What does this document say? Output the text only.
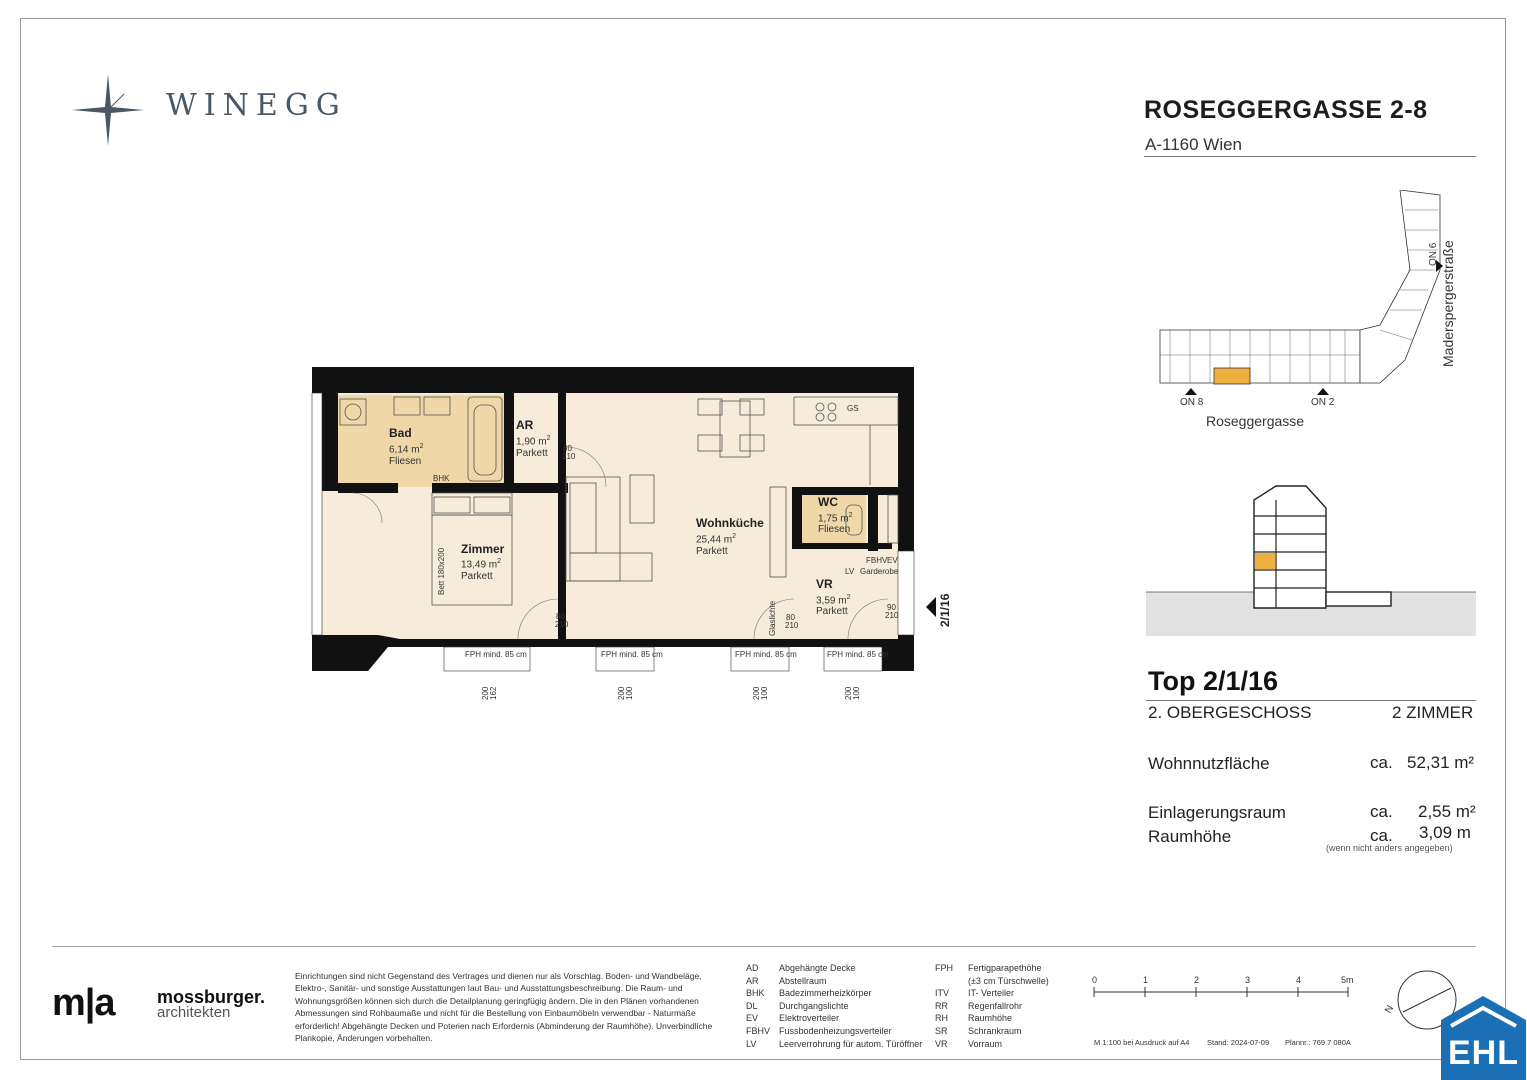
WINEGG	ROSEGGERGASSE 2-8
A-1160 Wien
ON 8	ON 2
ON 6
Roseggergasse
Maderspergerstraße
Top 2/1/16
2. OBERGESCHOSS	2 ZIMMER
Wohnnutzfläche	ca. 52,31 m²
Einlagerungsraum	ca. 2,55 m²
Raumhöhe	ca. 3,09 m
(wenn nicht anders angegeben)
Bad
6,14 $m^2$
Fliesen
AR
1,90 $m^2$
Parkett
Wohnküche
25,44 $m^2$
Parkett
WC
1,75 $m^2$
Fliesen
Zimmer
13,49 $m^2$
Parkett
VR
3,59 $m^2$
Parkett
GS
BHK
Garderobe
LV
FBHV EV
Glaslichte
Bett 180x200
2/1/16
80
210
80
210
80
210
90
210
FPH mind. 85 cm	FPH mind. 85 cm	FPH mind. 85 cm	FPH mind. 85 cm
162
200	100
200	100
200	100
200
m|a mossburger.
architekten
Einrichtungen sind nicht Gegenstand des Vertrages und dienen nur als Vorschlag. Boden- und Wandbeläge, Elektro-, Sanitär- und sonstige Ausstattungen laut Bau- und Ausstattungsbeschreibung. Die Raum- und Wohnungsgrößen können sich durch die Detailplanung geringfügig ändern. Die in den Plänen vorhandenen Abmessungen sind Rohbaumaße und nicht für die Bestellung von Einbaumöbeln verwendbar - Naturmaße erforderlich! Abgehängte Decken und Poterien nach Erfordernis (Abminderung der Raumhöhe). Unverbindliche Plankopie, Änderungen vorbehalten.
AD Abgehängte Decke
AR Abstellraum
BHK Badezimmerheizkörper
DL Durchgangslichte
EV Elektroverteiler
FBHV Fussbodenheizungsverteiler
LV	Leerverrohrung für autom. Türöffner
FPH Fertigparapethöhe
(±3 cm Türschwelle)
ITV IT- Verteiler
RR Regenfallrohr
RH Raumhöhe
SR Schrankraum
VR Vorraum
0	1	2	3	4	5m
M 1:100 bei Ausdruck auf A4 Stand: 2024-07-09 Plannr.: 769 7 080A
N
EHL
